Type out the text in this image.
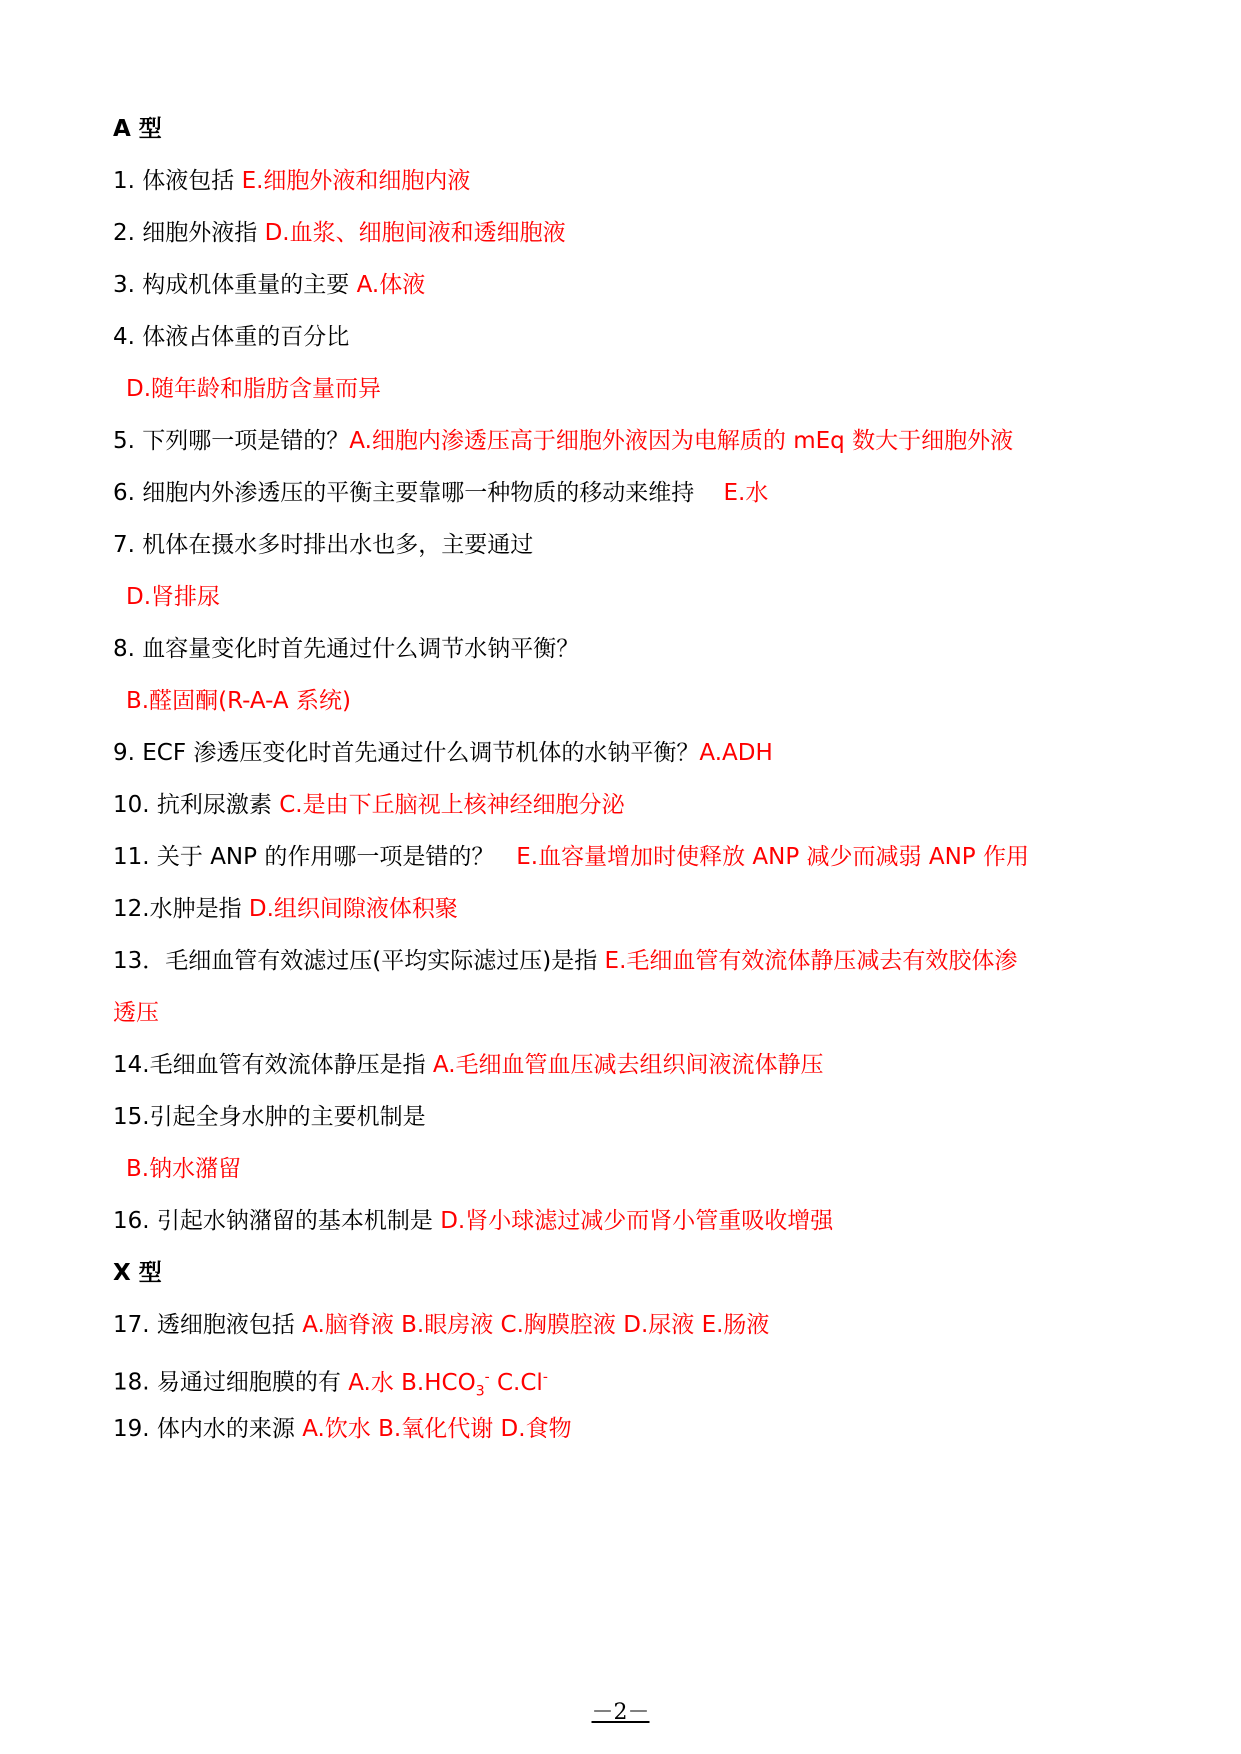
A 型
1. 体液包括 E.细胞外液和细胞内液
2. 细胞外液指 D.血浆、细胞间液和透细胞液
3. 构成机体重量的主要 A.体液
4. 体液占体重的百分比
D.随年龄和脂肪含量而异
5. 下列哪一项是错的？A.细胞内渗透压高于细胞外液因为电解质的 mEq 数大于细胞外液
6. 细胞内外渗透压的平衡主要靠哪一种物质的移动来维持 E.水
7. 机体在摄水多时排出水也多，主要通过
D.肾排尿
8. 血容量变化时首先通过什么调节水钠平衡？
B.醛固酮(R-A-A 系统)
9. ECF 渗透压变化时首先通过什么调节机体的水钠平衡？A.ADH
10. 抗利尿激素 C.是由下丘脑视上核神经细胞分泌
11. 关于 ANP 的作用哪一项是错的？ E.血容量增加时使释放 ANP 减少而减弱 ANP 作用
12.水肿是指 D.组织间隙液体积聚
13．毛细血管有效滤过压(平均实际滤过压)是指 E.毛细血管有效流体静压减去有效胶体渗
透压
14.毛细血管有效流体静压是指 A.毛细血管血压减去组织间液流体静压
15.引起全身水肿的主要机制是
B.钠水潴留
16. 引起水钠潴留的基本机制是 D.肾小球滤过减少而肾小管重吸收增强
X 型
17. 透细胞液包括 A.脑脊液 B.眼房液 C.胸膜腔液 D.尿液 E.肠液
18. 易通过细胞膜的有 A.水 $B.HCO_3^-$ C.Cl-
19. 体内水的来源 A.饮水 B.氧化代谢 D.食物
－2－
